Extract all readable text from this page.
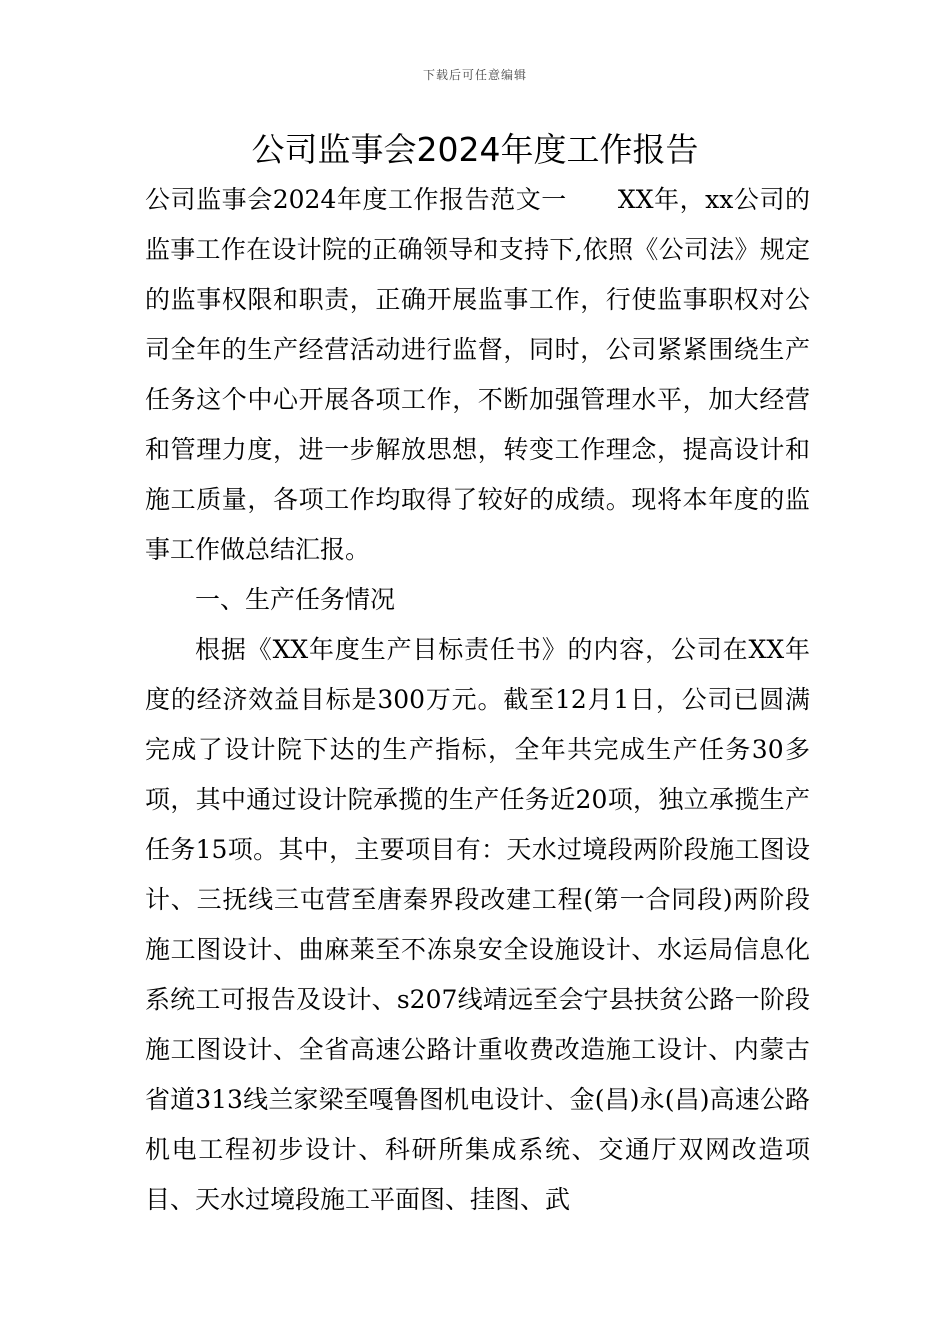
下载后可任意编辑
公司监事会2024年度工作报告

公司监事会2024年度工作报告范文一　　XX年，xx公司的监事工作在设计院的正确领导和支持下,依照《公司法》规定的监事权限和职责，正确开展监事工作，行使监事职权对公司全年的生产经营活动进行监督，同时，公司紧紧围绕生产任务这个中心开展各项工作，不断加强管理水平，加大经营和管理力度，进一步解放思想，转变工作理念，提高设计和施工质量，各项工作均取得了较好的成绩。现将本年度的监事工作做总结汇报。

一、生产任务情况

根据《XX年度生产目标责任书》的内容，公司在XX年度的经济效益目标是300万元。截至12月1日，公司已圆满完成了设计院下达的生产指标，全年共完成生产任务30多项，其中通过设计院承揽的生产任务近20项，独立承揽生产任务15项。其中，主要项目有：天水过境段两阶段施工图设计、三抚线三屯营至唐秦界段改建工程(第一合同段)两阶段施工图设计、曲麻莱至不冻泉安全设施设计、水运局信息化系统工可报告及设计、s207线靖远至会宁县扶贫公路一阶段施工图设计、全省高速公路计重收费改造施工设计、内蒙古省道313线兰家梁至嘎鲁图机电设计、金(昌)永(昌)高速公路机电工程初步设计、科研所集成系统、交通厅双网改造项目、天水过境段施工平面图、挂图、武
